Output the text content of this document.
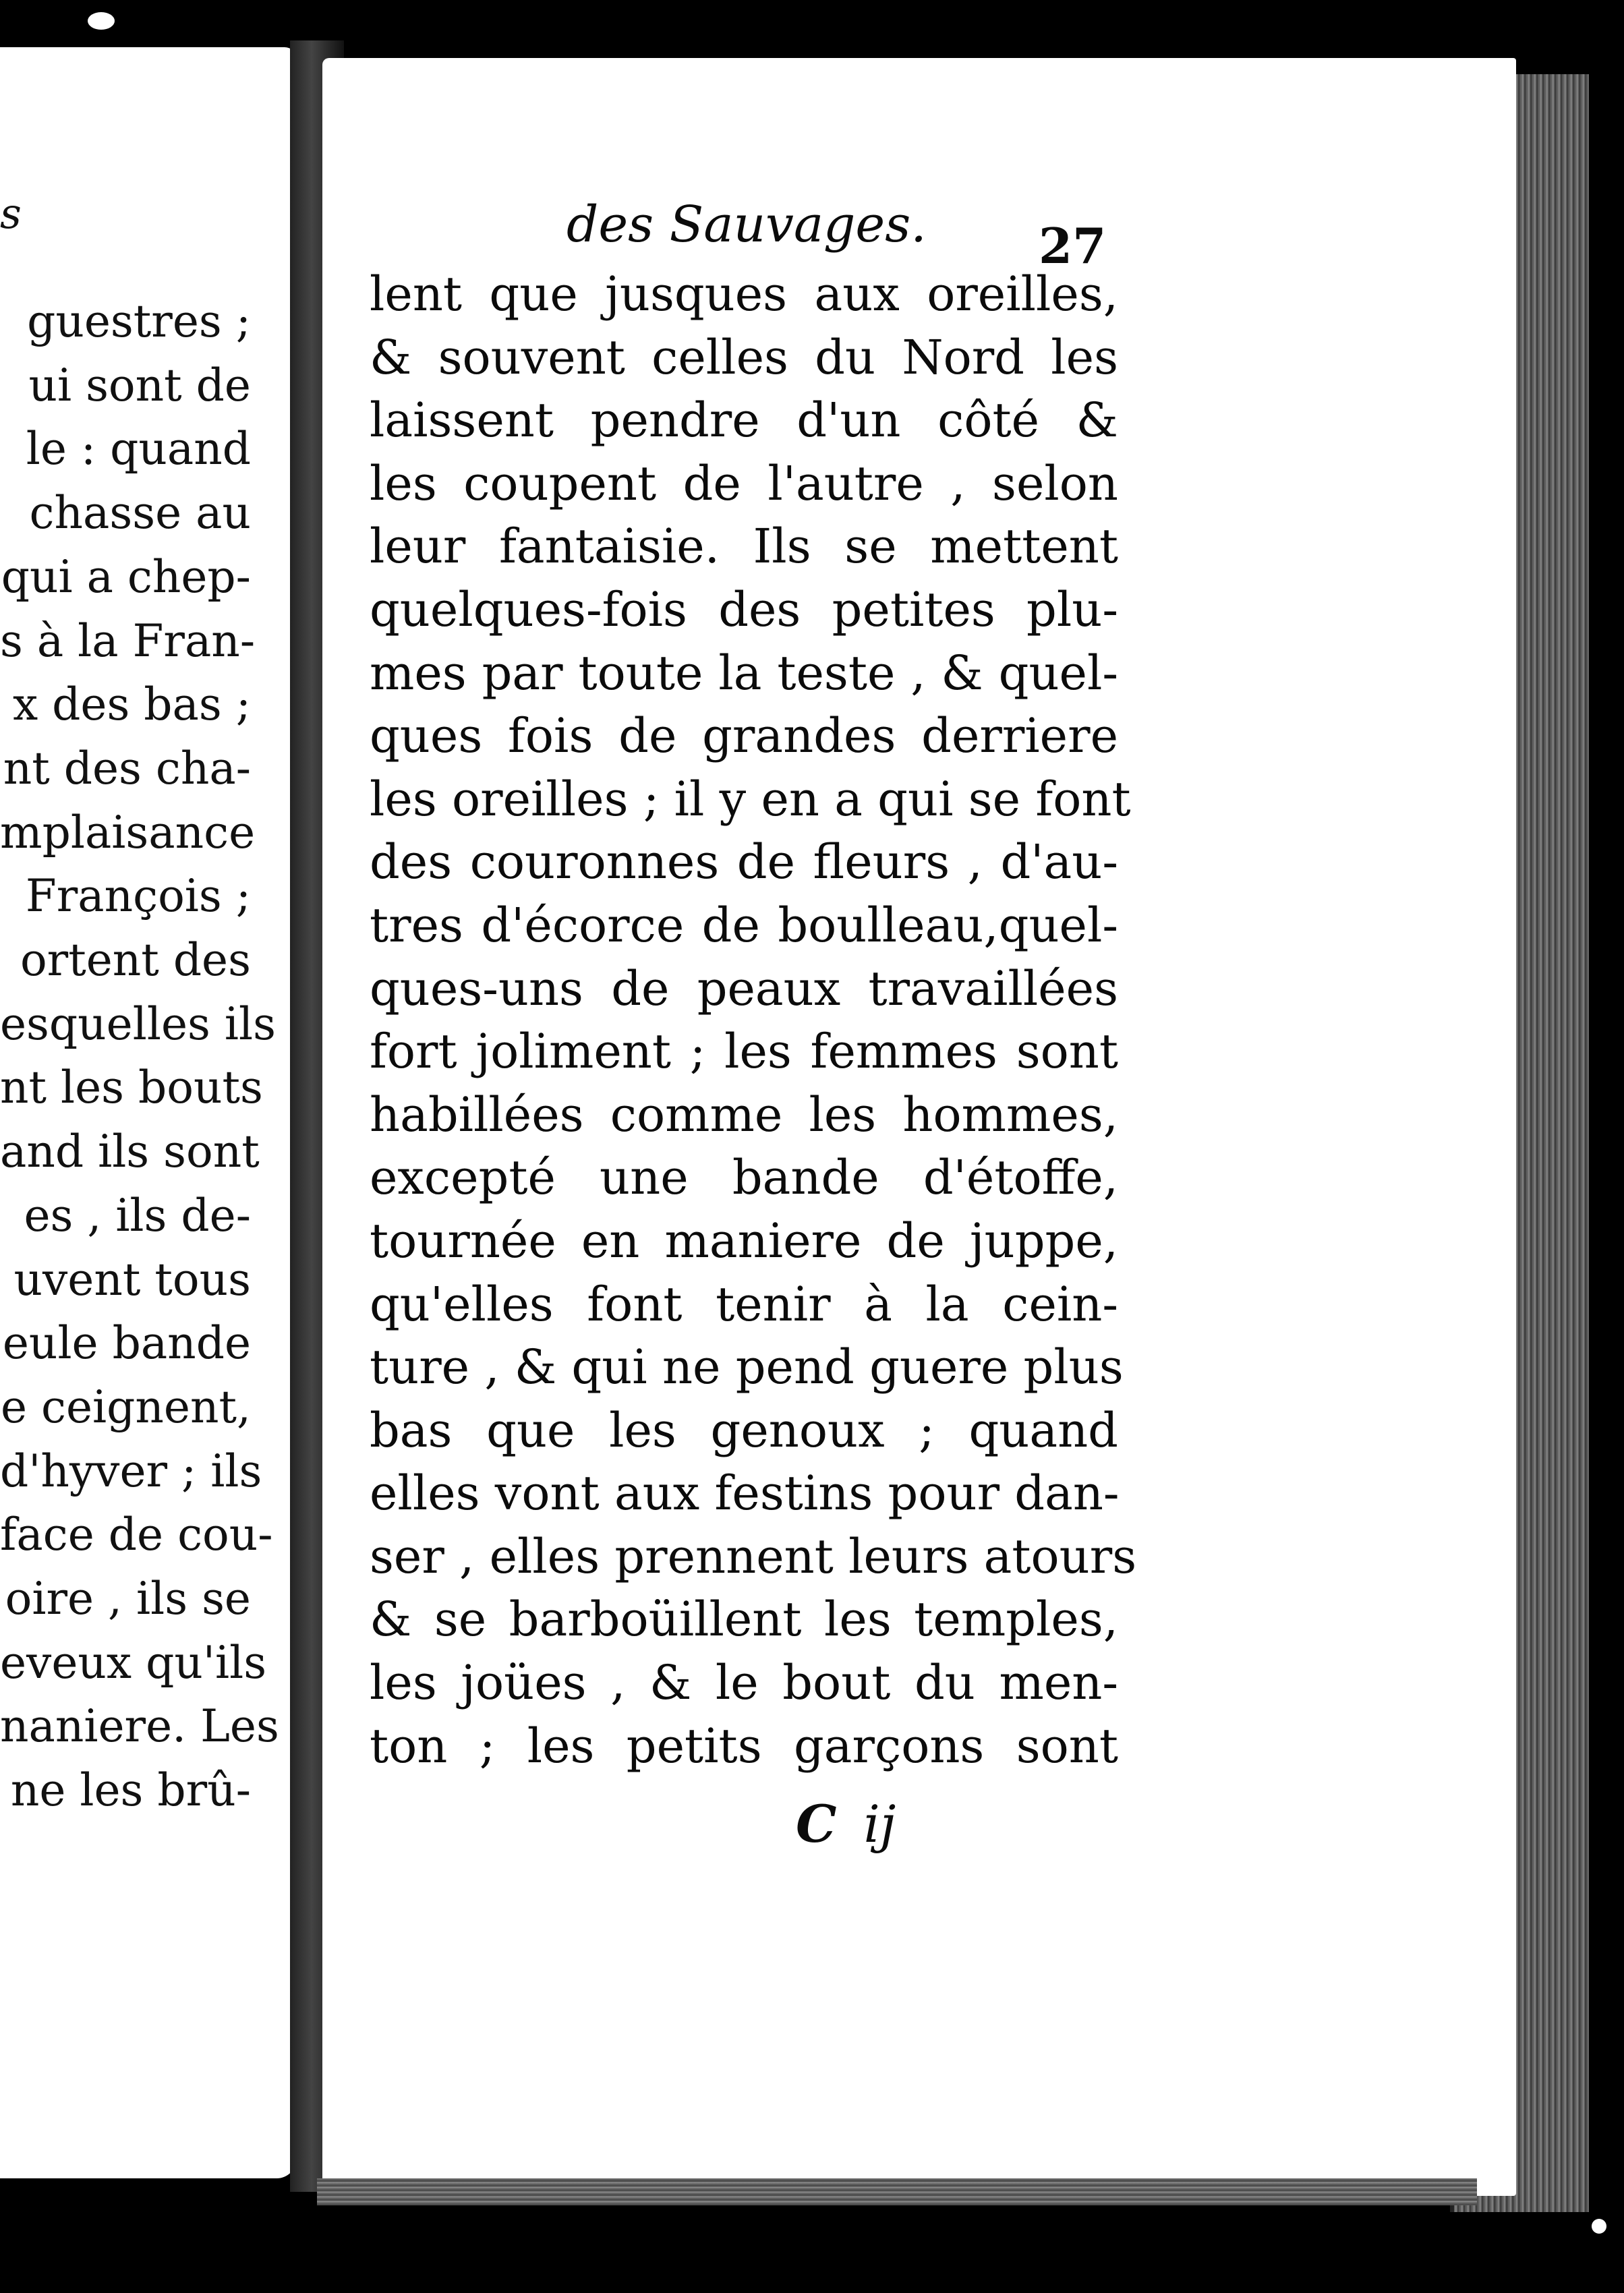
s
guestres ;
ui sont de
le : quand
chasse au
qui a chep-
s à la Fran-
x des bas ;
nt des cha-
mplaisance
François ;
ortent des
esquelles ils
nt les bouts
and ils sont
es , ils de-
uvent tous
eule bande
e ceignent,
d'hyver ; ils
face de cou-
oire , ils se
eveux qu'ils
naniere. Les
ne les brû-
des Sauvages. 27
lent que jusques aux oreilles,
& souvent celles du Nord les
laissent pendre d'un côté &
les coupent de l'autre , selon
leur fantaisie. Ils se mettent
quelques-fois des petites plu-
mes par toute la teste , & quel-
ques fois de grandes derriere
les oreilles ; il y en a qui se font
des couronnes de fleurs , d'au-
tres d'écorce de boulleau,quel-
ques-uns de peaux travaillées
fort joliment ; les femmes sont
habillées comme les hommes,
excepté une bande d'étoffe,
tournée en maniere de juppe,
qu'elles font tenir à la cein-
ture , & qui ne pend guere plus
bas que les genoux ; quand
elles vont aux festins pour dan-
ser , elles prennent leurs atours
& se barboüillent les temples,
les joües , & le bout du men-
ton ; les petits garçons sont
C ij
